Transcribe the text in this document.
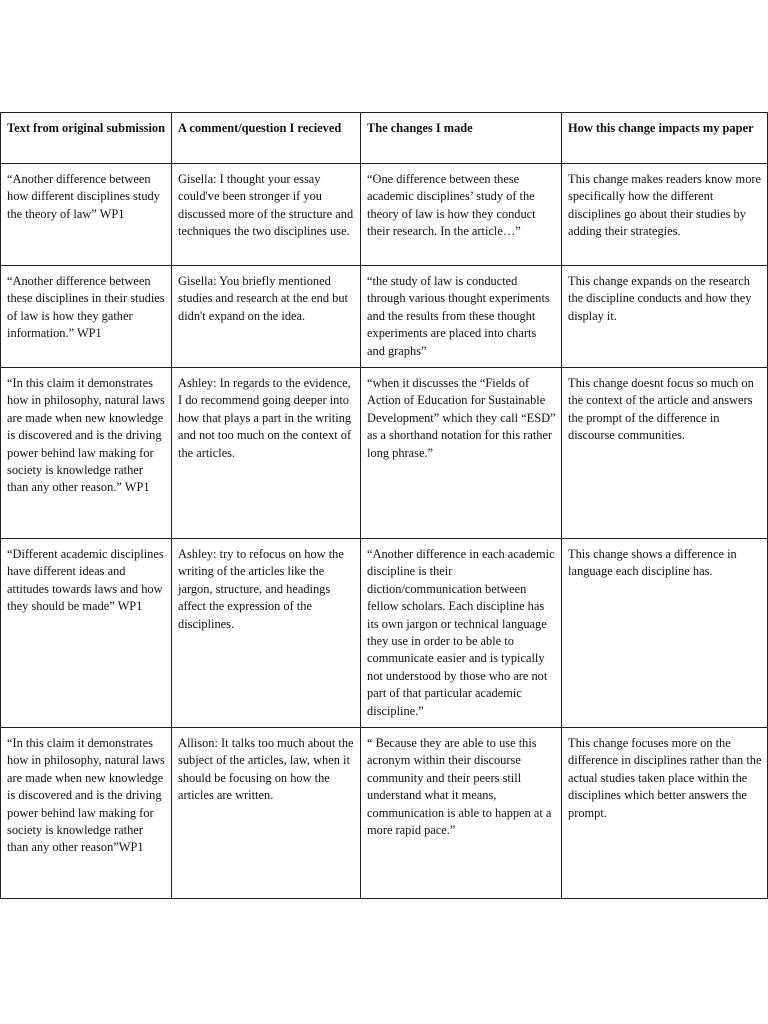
Text from original submission	A comment/question I recieved	The changes I made	How this change impacts my paper
“Another difference between how different disciplines study the theory of law” WP1	Gisella: I thought your essay could've been stronger if you discussed more of the structure and techniques the two disciplines use.	“One difference between these academic disciplines’ study of the theory of law is how they conduct their research. In the article…”	This change makes readers know more specifically how the different disciplines go about their studies by adding their strategies.
“Another difference between these disciplines in their studies of law is how they gather information.” WP1	Gisella: You briefly mentioned studies and research at the end but didn't expand on the idea.	“the study of law is conducted through various thought experiments and the results from these thought experiments are placed into charts and graphs”	This change expands on the research the discipline conducts and how they display it.
“In this claim it demonstrates how in philosophy, natural laws are made when new knowledge is discovered and is the driving power behind law making for society is knowledge rather than any other reason.” WP1	Ashley: In regards to the evidence, I do recommend going deeper into how that plays a part in the writing and not too much on the context of the articles.	“when it discusses the “Fields of Action of Education for Sustainable Development” which they call “ESD” as a shorthand notation for this rather long phrase.”	This change doesnt focus so much on the context of the article and answers the prompt of the difference in discourse communities.
“Different academic disciplines have different ideas and attitudes towards laws and how they should be made” WP1	Ashley: try to refocus on how the writing of the articles like the jargon, structure, and headings affect the expression of the disciplines.	“Another difference in each academic discipline is their diction/communication between fellow scholars. Each discipline has its own jargon or technical language they use in order to be able to communicate easier and is typically not understood by those who are not part of that particular academic discipline.”	This change shows a difference in language each discipline has.
“In this claim it demonstrates how in philosophy, natural laws are made when new knowledge is discovered and is the driving power behind law making for society is knowledge rather than any other reason”WP1	Allison: It talks too much about the subject of the articles, law, when it should be focusing on how the articles are written.	“ Because they are able to use this acronym within their discourse community and their peers still understand what it means, communication is able to happen at a more rapid pace.”	This change focuses more on the difference in disciplines rather than the actual studies taken place within the disciplines which better answers the prompt.
